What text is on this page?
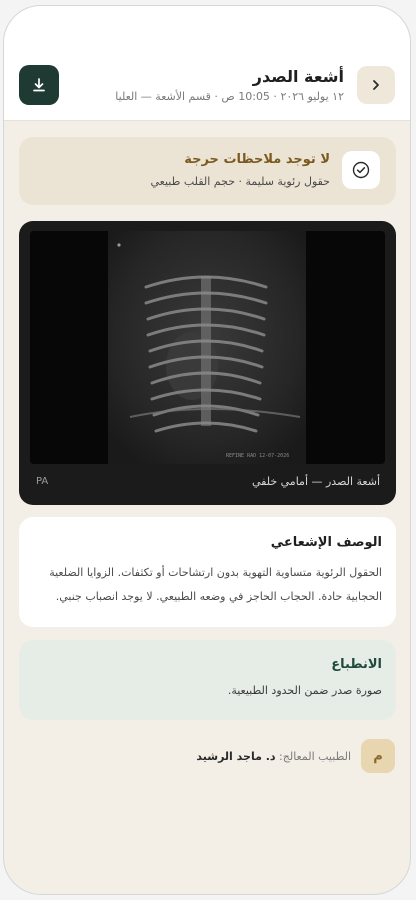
أشعة الصدر
١٢ يوليو ٢٠٢٦ · 10:05 ص · قسم الأشعة — العليا
لا توجد ملاحظات حرجة
حقول رئوية سليمة · حجم القلب طبيعي
REFINE RAD 12-07-2026
أشعة الصدر — أمامي خلفي
PA
الوصف الإشعاعي
الحقول الرئوية متساوية التهوية بدون ارتشاحات أو تكثفات. الزوايا الضلعية الحجابية حادة. الحجاب الحاجز في وضعه الطبيعي. لا يوجد انصباب جنبي.
الانطباع
صورة صدر ضمن الحدود الطبيعية.
م
الطبيب المعالج: د. ماجد الرشيد
